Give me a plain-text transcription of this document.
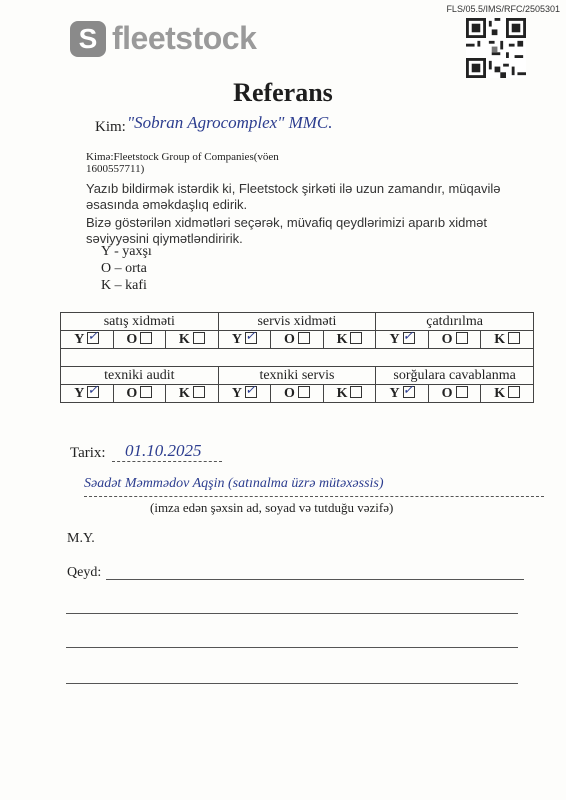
FLS/05.5/IMS/RFC/2505301
S fleetstock
Referans
Kim: "Sobran Agrocomplex" MMC.
Kimə:Fleetstock Group of Companies(vöen 1600557711)
Yazıb bildirmək istərdik ki, Fleetstock şirkəti ilə uzun zamandır, müqavilə əsasında əməkdaşlıq edirik.
Bizə göstərilən xidmətləri seçərək, müvafiq qeydlərimizi aparıb xidmət səviyyəsini qiymətləndiririk.
Y - yaxşı
O – orta
K – kafi
satış xidməti			servis xidməti			çatdırılma		
Y ✓	O	K	Y ✓	O	K	Y ✓	O	K

texniki audit			texniki servis			sorğulara cavablanma		
Y ✓	O	K	Y ✓	O	K	Y ✓	O	K
Tarix: 01.10.2025
Səadət Məmmədov Aqşin (satınalma üzrə mütəxəssis)
(imza edən şəxsin ad, soyad və tutduğu vəzifə)
M.Y.
Qeyd:
